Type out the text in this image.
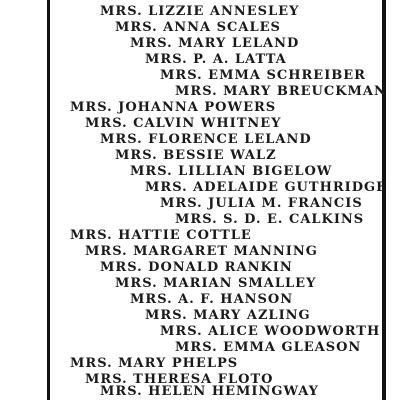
MRS. LIZZIE ANNESLEY
MRS. ANNA SCALES
MRS. MARY LELAND
MRS. P. A. LATTA
MRS. EMMA SCHREIBER
MRS. MARY BREUCKMAN
MRS. JOHANNA POWERS
MRS. CALVIN WHITNEY
MRS. FLORENCE LELAND
MRS. BESSIE WALZ
MRS. LILLIAN BIGELOW
MRS. ADELAIDE GUTHRIDGE
MRS. JULIA M. FRANCIS
MRS. S. D. E. CALKINS
MRS. HATTIE COTTLE
MRS. MARGARET MANNING
MRS. DONALD RANKIN
MRS. MARIAN SMALLEY
MRS. A. F. HANSON
MRS. MARY AZLING
MRS. ALICE WOODWORTH
MRS. EMMA GLEASON
MRS. MARY PHELPS
MRS. THERESA FLOTO
MRS. HELEN HEMINGWAY
